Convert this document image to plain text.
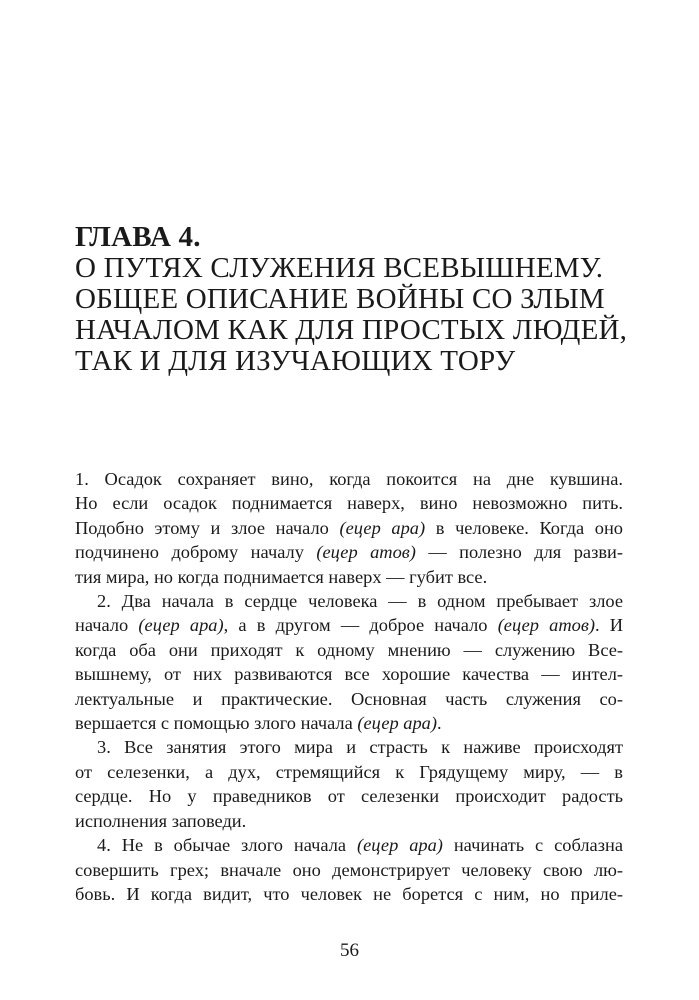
ГЛАВА 4.
О ПУТЯХ СЛУЖЕНИЯ ВСЕВЫШНЕМУ.
ОБЩЕЕ ОПИСАНИЕ ВОЙНЫ СО ЗЛЫМ
НАЧАЛОМ КАК ДЛЯ ПРОСТЫХ ЛЮДЕЙ,
ТАК И ДЛЯ ИЗУЧАЮЩИХ ТОРУ
1. Осадок сохраняет вино, когда покоится на дне кувшина.
Но если осадок поднимается наверх, вино невозможно пить.
Подобно этому и злое начало (ецер ара) в человеке. Когда оно
подчинено доброму началу (ецер атов) — полезно для разви-
тия мира, но когда поднимается наверх — губит все.
2. Два начала в сердце человека — в одном пребывает злое
начало (ецер ара), а в другом — доброе начало (ецер атов). И
когда оба они приходят к одному мнению — служению Все-
вышнему, от них развиваются все хорошие качества — интел-
лектуальные и практические. Основная часть служения со-
вершается с помощью злого начала (ецер ара).
3. Все занятия этого мира и страсть к наживе происходят
от селезенки, а дух, стремящийся к Грядущему миру, — в
сердце. Но у праведников от селезенки происходит радость
исполнения заповеди.
4. Не в обычае злого начала (ецер ара) начинать с соблазна
совершить грех; вначале оно демонстрирует человеку свою лю-
бовь. И когда видит, что человек не борется с ним, но приле-
56
